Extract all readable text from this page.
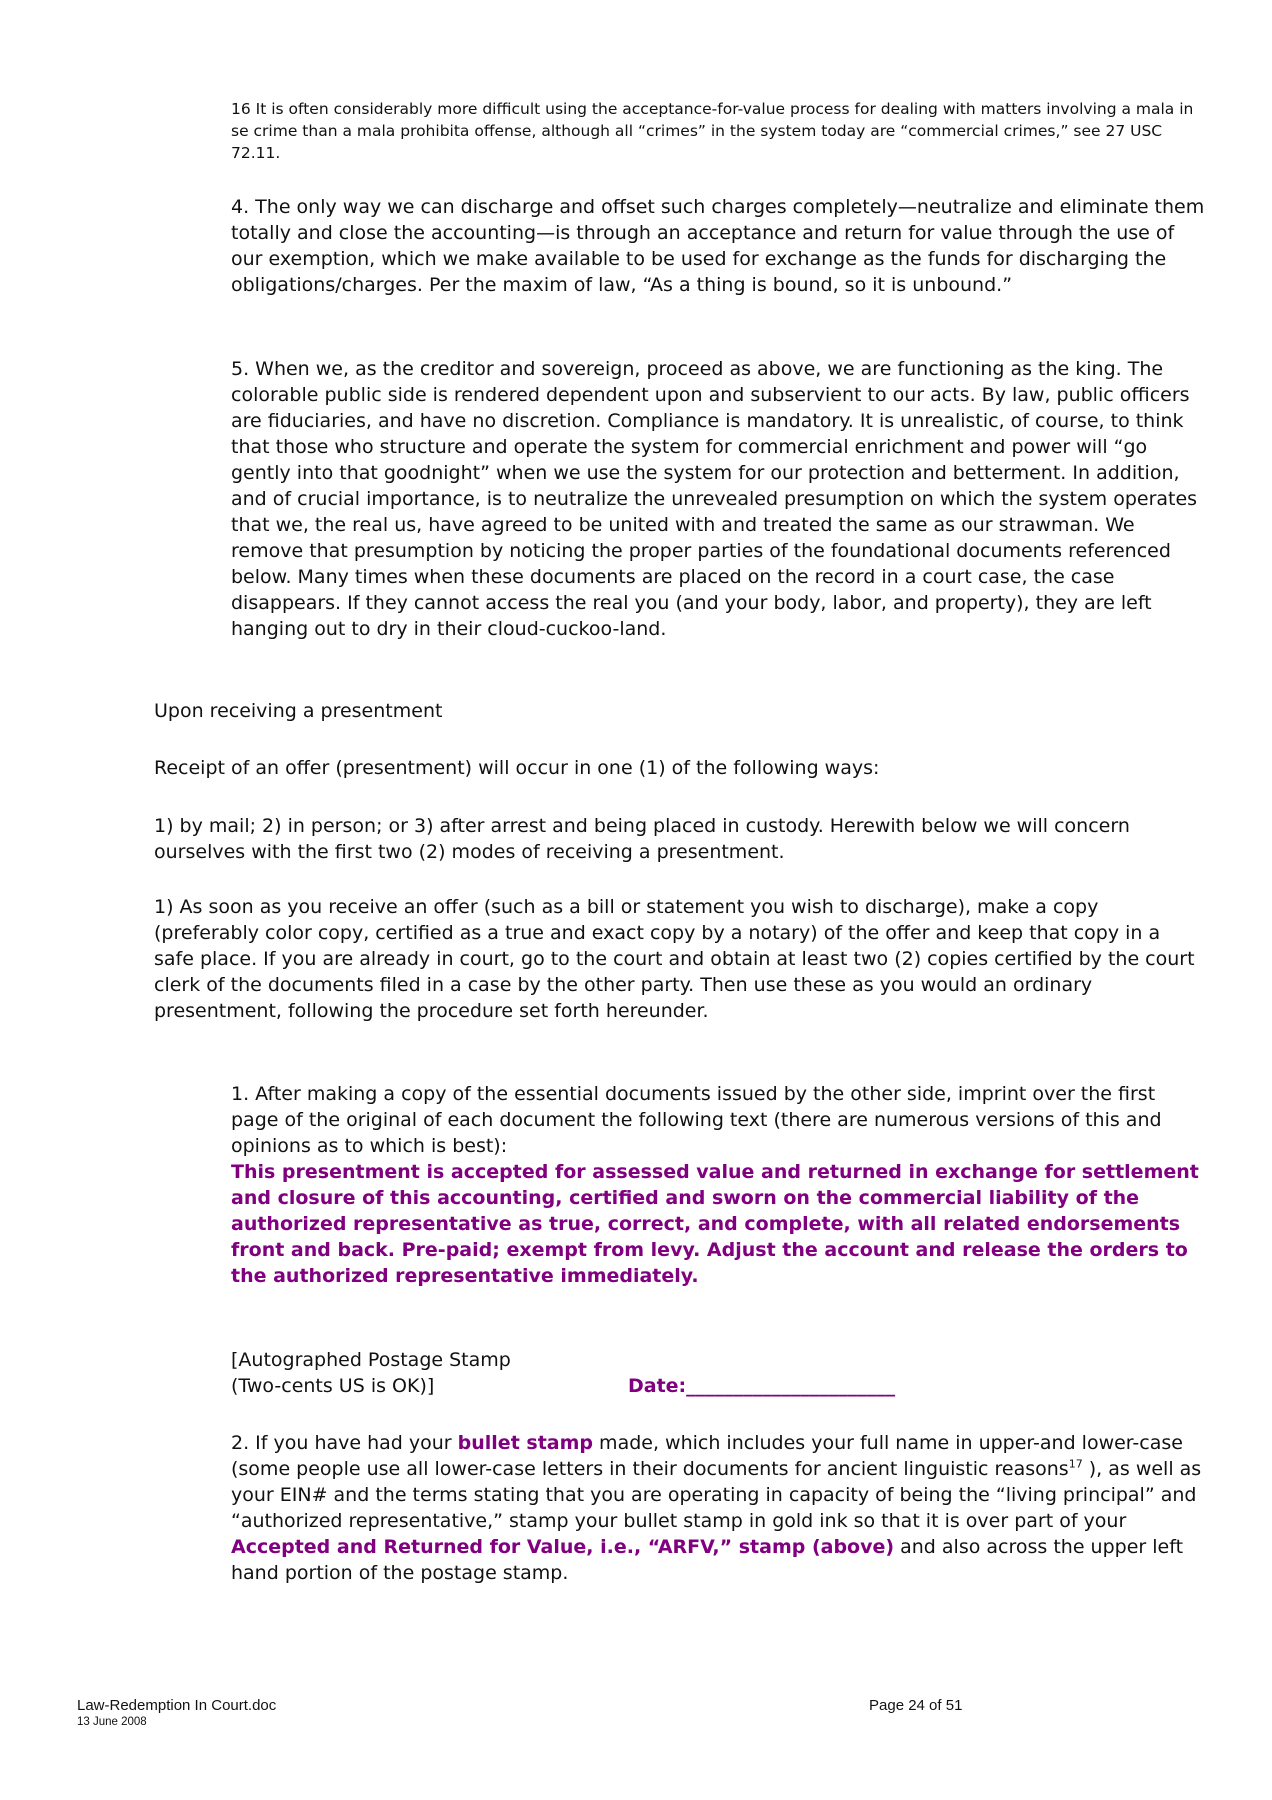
16 It is often considerably more difficult using the acceptance-for-value process for dealing with matters involving a mala in se crime than a mala prohibita offense, although all “crimes” in the system today are “commercial crimes,” see 27 USC 72.11.
4. The only way we can discharge and offset such charges completely—neutralize and eliminate them totally and close the accounting—is through an acceptance and return for value through the use of our exemption, which we make available to be used for exchange as the funds for discharging the obligations/charges. Per the maxim of law, “As a thing is bound, so it is unbound.”
5. When we, as the creditor and sovereign, proceed as above, we are functioning as the king. The colorable public side is rendered dependent upon and subservient to our acts. By law, public officers are fiduciaries, and have no discretion. Compliance is mandatory. It is unrealistic, of course, to think that those who structure and operate the system for commercial enrichment and power will “go gently into that goodnight” when we use the system for our protection and betterment. In addition, and of crucial importance, is to neutralize the unrevealed presumption on which the system operates that we, the real us, have agreed to be united with and treated the same as our strawman. We remove that presumption by noticing the proper parties of the foundational documents referenced below. Many times when these documents are placed on the record in a court case, the case disappears. If they cannot access the real you (and your body, labor, and property), they are left hanging out to dry in their cloud-cuckoo-land.
Upon receiving a presentment
Receipt of an offer (presentment) will occur in one (1) of the following ways:
1) by mail; 2) in person; or 3) after arrest and being placed in custody. Herewith below we will concern ourselves with the first two (2) modes of receiving a presentment.
1) As soon as you receive an offer (such as a bill or statement you wish to discharge), make a copy (preferably color copy, certified as a true and exact copy by a notary) of the offer and keep that copy in a safe place. If you are already in court, go to the court and obtain at least two (2) copies certified by the court clerk of the documents filed in a case by the other party. Then use these as you would an ordinary presentment, following the procedure set forth hereunder.
1. After making a copy of the essential documents issued by the other side, imprint over the first page of the original of each document the following text (there are numerous versions of this and opinions as to which is best):
This presentment is accepted for assessed value and returned in exchange for settlement and closure of this accounting, certified and sworn on the commercial liability of the authorized representative as true, correct, and complete, with all related endorsements front and back. Pre-paid; exempt from levy. Adjust the account and release the orders to the authorized representative immediately.
[Autographed Postage Stamp
(Two-cents US is OK)]	Date:______________________
2. If you have had your bullet stamp made, which includes your full name in upper-and lower-case (some people use all lower-case letters in their documents for ancient linguistic reasons$^{17}$ ), as well as your EIN# and the terms stating that you are operating in capacity of being the “living principal” and “authorized representative,” stamp your bullet stamp in gold ink so that it is over part of your Accepted and Returned for Value, i.e., “ARFV,” stamp (above) and also across the upper left hand portion of the postage stamp.
Law-Redemption In Court.doc
13 June 2008
Page 24 of 51
